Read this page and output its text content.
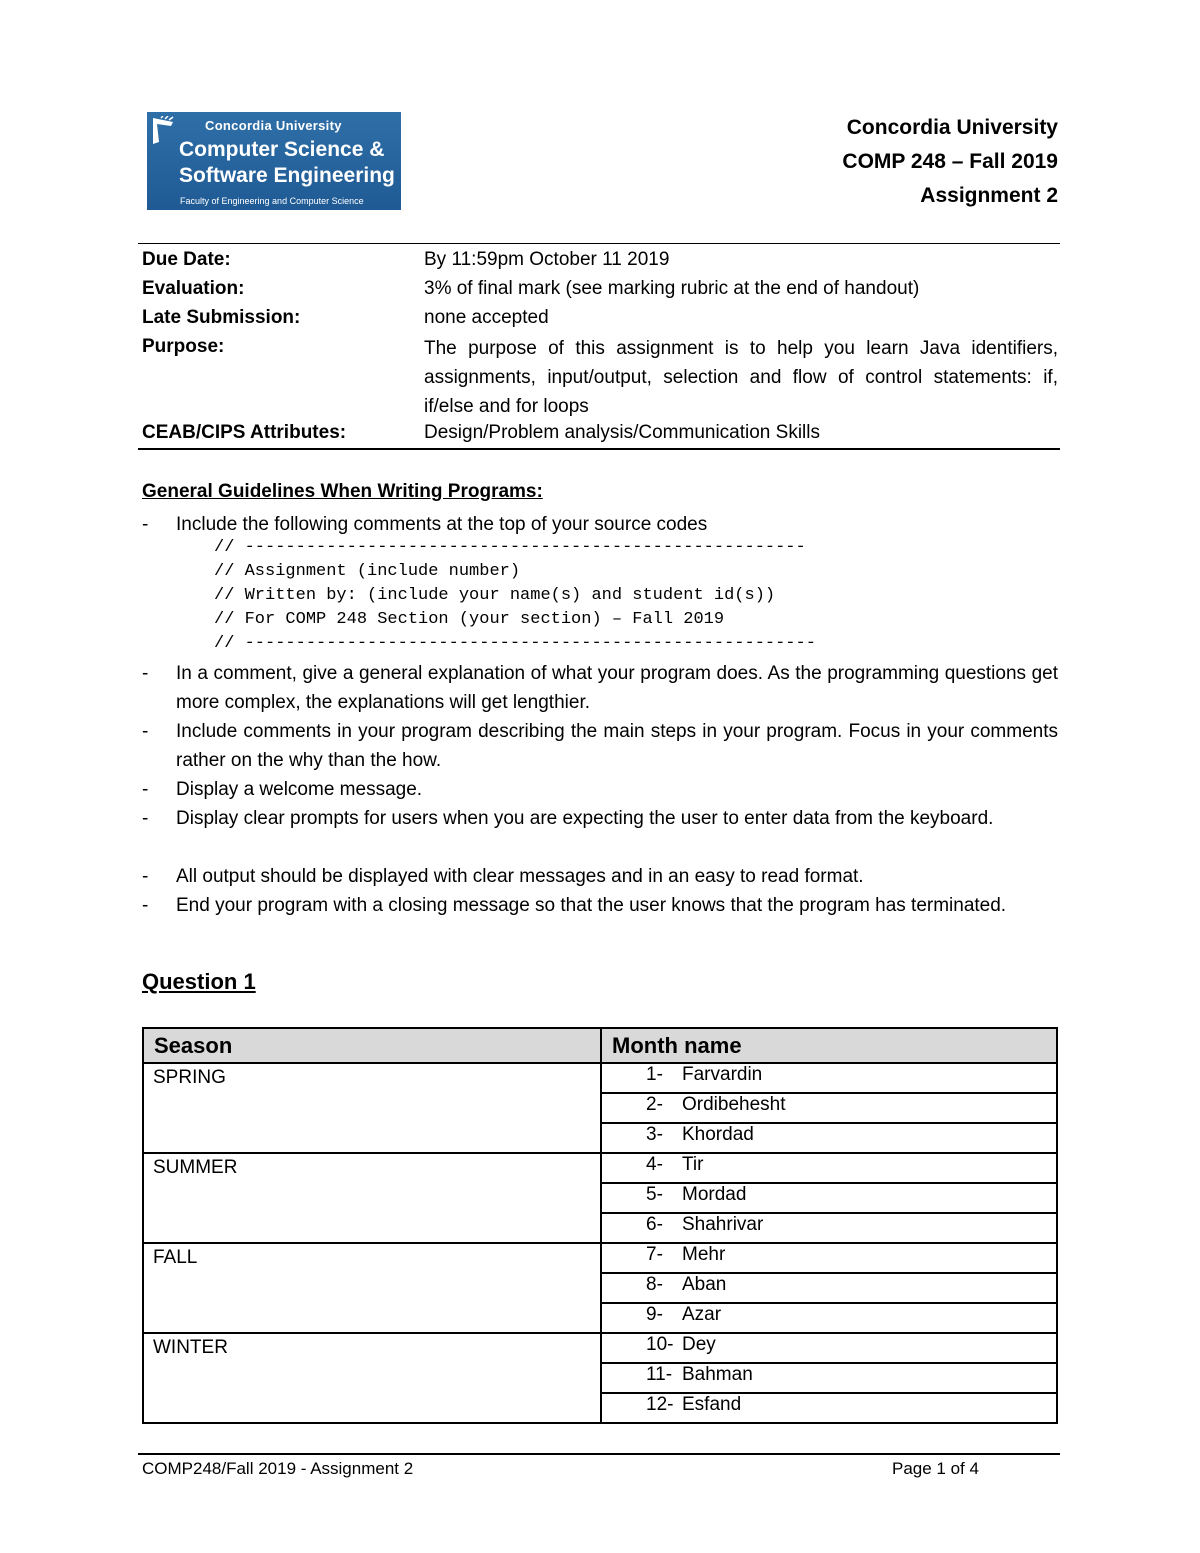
Concordia University
Computer Science &
Software Engineering
Faculty of Engineering and Computer Science
Concordia University
COMP 248 – Fall 2019
Assignment 2
Due Date:	By 11:59pm October 11 2019
Evaluation:	3% of final mark (see marking rubric at the end of handout)
Late Submission:	none accepted
Purpose:	The purpose of this assignment is to help you learn Java identifiers, assignments, input/output, selection and flow of control statements: if, if/else and for loops
CEAB/CIPS Attributes:	Design/Problem analysis/Communication Skills
General Guidelines When Writing Programs:
- Include the following comments at the top of your source codes
// -------------------------------------------------------
// Assignment (include number)
// Written by: (include your name(s) and student id(s))
// For COMP 248 Section (your section) – Fall 2019
// --------------------------------------------------------
- In a comment, give a general explanation of what your program does. As the programming questions get more complex, the explanations will get lengthier.
- Include comments in your program describing the main steps in your program. Focus in your comments rather on the why than the how.
- Display a welcome message.
- Display clear prompts for users when you are expecting the user to enter data from the keyboard.
- All output should be displayed with clear messages and in an easy to read format.
- End your program with a closing message so that the user knows that the program has terminated.
Question 1
Season	Month name
SPRING	1- Farvardin
	2- Ordibehesht
	3- Khordad
SUMMER	4- Tir
	5- Mordad
	6- Shahrivar
FALL	7- Mehr
	8- Aban
	9- Azar
WINTER	10- Dey
	11- Bahman
	12- Esfand
COMP248/Fall 2019 - Assignment 2	Page 1 of 4
